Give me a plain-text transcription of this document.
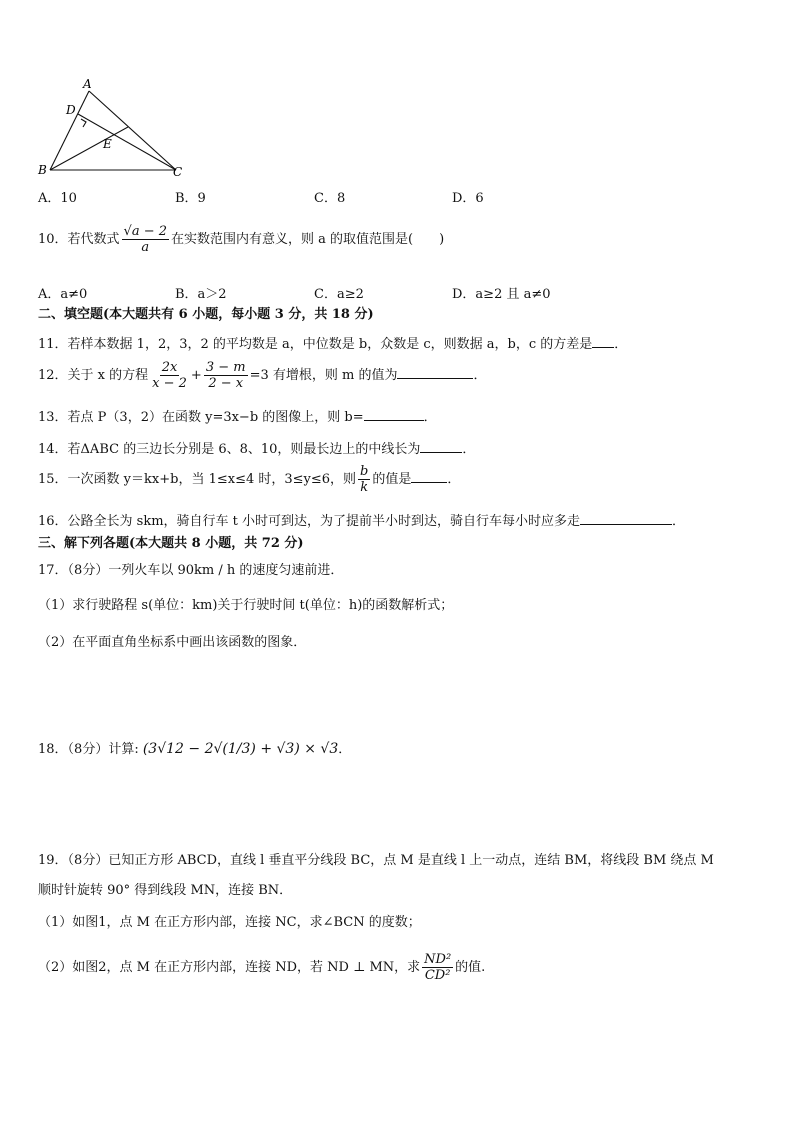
A
D
E
B	C
A．10	B．9	C．8	D．6
10．若代数式 $\frac{√a - 2}{a}$ 在实数范围内有意义，则 a 的取值范围是(　　)
A．a≠0	B．a＞2	C．a≥2	D．a≥2 且 a≠0
二、填空题(本大题共有 6 小题，每小题 3 分，共 18 分)
11．若样本数据 1，2，3，2 的平均数是 a，中位数是 b，众数是 c，则数据 a，b，c 的方差是 ．
12．关于 x 的方程 $\frac{2x}{x - 2} + \frac{3 - m}{2 - x} =3$ 有增根，则 m 的值为	．
13．若点 P（3，2）在函数 y=3x−b 的图像上，则 b=	．
14．若ΔABC 的三边长分别是 6、8、10，则最长边上的中线长为	．
15．一次函数 y＝kx+b，当 1≤x≤4 时，3≤y≤6，则 $\frac{b}{k}$ 的值是	．
16．公路全长为 skm，骑自行车 t 小时可到达，为了提前半小时到达，骑自行车每小时应多走	．
三、解下列各题(本大题共 8 小题，共 72 分)
17．（8分）一列火车以 90km / h 的速度匀速前进．
（1）求行驶路程 s(单位：km)关于行驶时间 t(单位：h)的函数解析式；
（2）在平面直角坐标系中画出该函数的图象．
18．（8分）计算: (3√12 − 2√(1/3) + √3) × √3．
19．（8分）已知正方形 ABCD，直线 l 垂直平分线段 BC，点 M 是直线 l 上一动点，连结 BM，将线段 BM 绕点 M
顺时针旋转 90° 得到线段 MN，连接 BN．
（1）如图1，点 M 在正方形内部，连接 NC，求∠BCN 的度数；
（2）如图2，点 M 在正方形内部，连接 ND，若 ND ⊥ MN，求 $\frac{\text{ND²}}{\text{CD²}}$ 的值.
